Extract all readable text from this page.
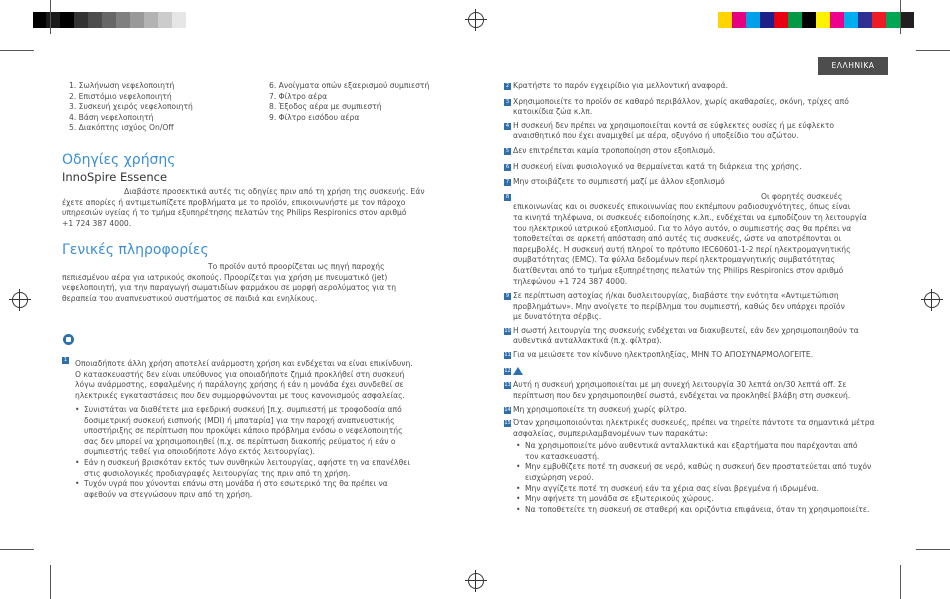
ΕΛΛΗΝΙΚΑ
1. Σωλήνωση νεφελοποιητή
2. Επιστόμιο νεφελοποιητή
3. Συσκευή χειρός νεφελοποιητή
4. Βάση νεφελοποιητή
5. Διακόπτης ισχύος On/Off
6. Ανοίγματα οπών εξαερισμού συμπιεστή
7. Φίλτρο αέρα
8. Έξοδος αέρα με συμπιεστή
9. Φίλτρο εισόδου αέρα
Οδηγίες χρήσης
InnoSpire Essence
Διαβάστε προσεκτικά αυτές τις οδηγίες πριν από τη χρήση της συσκευής. Εάν
έχετε απορίες ή αντιμετωπίζετε προβλήματα με το προϊόν, επικοινωνήστε με τον πάροχο
υπηρεσιών υγείας ή το τμήμα εξυπηρέτησης πελατών της Philips Respironics στον αριθμό
+1 724 387 4000.
Γενικές πληροφορίες
Το προϊόν αυτό προορίζεται ως πηγή παροχής
πεπιεσμένου αέρα για ιατρικούς σκοπούς. Προορίζεται για χρήση με πνευματικό (jet)
νεφελοποιητή, για την παραγωγή σωματιδίων φαρμάκου σε μορφή αερολύματος για τη
θεραπεία του αναπνευστικού συστήματος σε παιδιά και ενηλίκους.
1	Οποιαδήποτε άλλη χρήση αποτελεί ανάρμοστη χρήση και ενδέχεται να είναι επικίνδυνη.
Ο κατασκευαστής δεν είναι υπεύθυνος για οποιαδήποτε ζημιά προκλήθεί στη συσκευή
λόγω ανάρμοστης, εσφαλμένης ή παράλογης χρήσης ή εάν η μονάδα έχει συνδεθεί σε
ηλεκτρικές εγκαταστάσεις που δεν συμμορφώνονται με τους κανονισμούς ασφαλείας.
• Συνιστάται να διαθέτετε μια εφεδρική συσκευή [π.χ. συμπιεστή με τροφοδοσία από
δοσιμετρική συσκευή εισπνοής (MDI) ή μπαταρία] για την παροχή αναπνευστικής
υποστήριξης σε περίπτωση που προκύψει κάποιο πρόβλημα ενόσω ο νεφελοποιητής
σας δεν μπορεί να χρησιμοποιηθεί (π.χ. σε περίπτωση διακοπής ρεύματος ή εάν ο
συμπιεστής τεθεί για οποιοδήποτε λόγο εκτός λειτουργίας).
• Εάν η συσκευή βρισκόταν εκτός των συνθηκών λειτουργίας, αφήστε τη να επανέλθει
στις φυσιολογικές προδιαγραφές λειτουργίας της πριν από τη χρήση.
• Τυχόν υγρά που χύνονται επάνω στη μονάδα ή στο εσωτερικό της θα πρέπει να
αφεθούν να στεγνώσουν πριν από τη χρήση.
2 Κρατήστε το παρόν εγχειρίδιο για μελλοντική αναφορά.
3 Χρησιμοποιείτε το προϊόν σε καθαρό περιβάλλον, χωρίς ακαθαρσίες, σκόνη, τρίχες από
κατοικίδια ζώα κ.λπ.
4 Η συσκευή δεν πρέπει να χρησιμοποιείται κοντά σε εύφλεκτες ουσίες ή με εύφλεκτο
αναισθητικό που έχει αναμιχθεί με αέρα, οξυγόνο ή υποξείδιο του αζώτου.
5 Δεν επιτρέπεται καμία τροποποίηση στον εξοπλισμό.
6 Η συσκευή είναι φυσιολογικό να θερμαίνεται κατά τη διάρκεια της χρήσης.
7 Μην στοιβάζετε το συμπιεστή μαζί με άλλον εξοπλισμό
8	Οι φορητές συσκευές
επικοινωνίας και οι συσκευές επικοινωνίας που εκπέμπουν ραδιοσυχνότητες, όπως είναι
τα κινητά τηλέφωνα, οι συσκευές ειδοποίησης κ.λπ., ενδέχεται να εμποδίζουν τη λειτουργία
του ηλεκτρικού ιατρικού εξοπλισμού. Για το λόγο αυτόν, ο συμπιεστής σας θα πρέπει να
τοποθετείται σε αρκετή απόσταση από αυτές τις συσκευές, ώστε να αποτρέπονται οι
παρεμβολές. Η συσκευή αυτή πληροί το πρότυπο IEC60601-1-2 περί ηλεκτρομαγνητικής
συμβατότητας (EMC). Τα φύλλα δεδομένων περί ηλεκτρομαγνητικής συμβατότητας
διατίθενται από το τμήμα εξυπηρέτησης πελατών της Philips Respironics στον αριθμό
τηλεφώνου +1 724 387 4000.
9 Σε περίπτωση αστοχίας ή/και δυσλειτουργίας, διαβάστε την ενότητα «Αντιμετώπιση
προβλημάτων». Μην ανοίγετε το περίβλημα του συμπιεστή, καθώς δεν υπάρχει προϊόν
με δυνατότητα σέρβις.
10 Η σωστή λειτουργία της συσκευής ενδέχεται να διακυβευτεί, εάν δεν χρησιμοποιηθούν τα
αυθεντικά ανταλλακτικά (π.χ. φίλτρα).
11 Για να μειώσετε τον κίνδυνο ηλεκτροπληξίας, ΜΗΝ ΤΟ ΑΠΟΣΥΝΑΡΜΟΛΟΓΕΙΤΕ.
12
13 Αυτή η συσκευή χρησιμοποιείται με μη συνεχή λειτουργία 30 λεπτά on/30 λεπτά off. Σε
περίπτωση που δεν χρησιμοποιηθεί σωστά, ενδέχεται να προκληθεί βλάβη στη συσκευή.
14 Μη χρησιμοποιείτε τη συσκευή χωρίς φίλτρο.
15 Όταν χρησιμοποιούνται ηλεκτρικές συσκευές, πρέπει να τηρείτε πάντοτε τα σημαντικά μέτρα
ασφαλείας, συμπεριλαμβανομένων των παρακάτω:
• Να χρησιμοποιείτε μόνο αυθεντικά ανταλλακτικά και εξαρτήματα που παρέχονται από
τον κατασκευαστή.
• Μην εμβυθίζετε ποτέ τη συσκευή σε νερό, καθώς η συσκευή δεν προστατεύεται από τυχόν
εισχώρηση νερού.
• Μην αγγίζετε ποτέ τη συσκευή εάν τα χέρια σας είναι βρεγμένα ή ιδρωμένα.
• Μην αφήνετε τη μονάδα σε εξωτερικούς χώρους.
• Να τοποθετείτε τη συσκευή σε σταθερή και οριζόντια επιφάνεια, όταν τη χρησιμοποιείτε.
